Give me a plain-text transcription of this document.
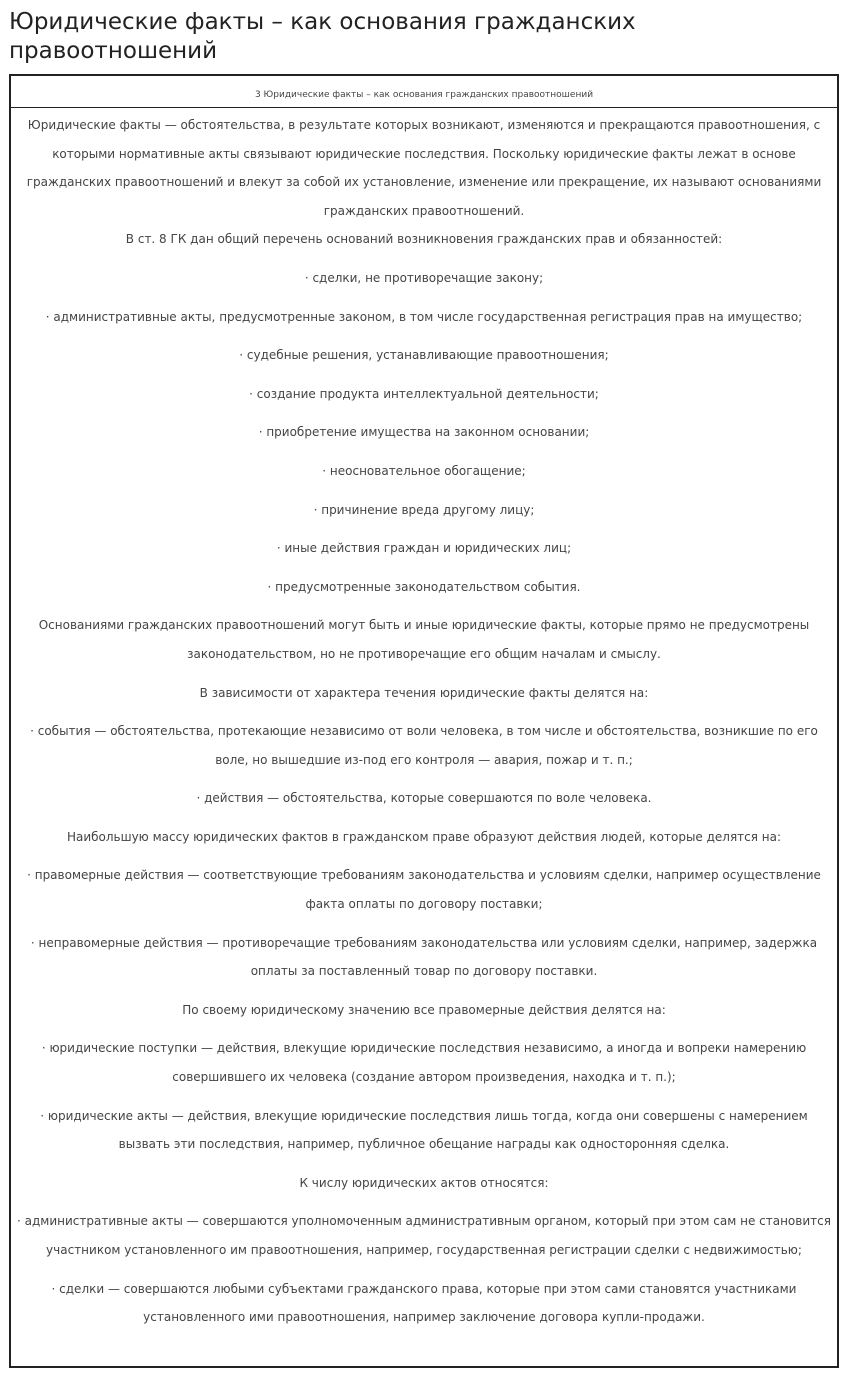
Юридические факты – как основания гражданских правоотношений
3 Юридические факты – как основания гражданских правоотношений

Юридические факты — обстоятельства, в результате которых возникают, изменяются и прекращаются правоотношения, с которыми нормативные акты связывают юридические последствия. Поскольку юридические факты лежат в основе гражданских правоотношений и влекут за собой их установление, изменение или прекращение, их называют основаниями гражданских правоотношений.

В ст. 8 ГК дан общий перечень оснований возникновения гражданских прав и обязанностей:

· сделки, не противоречащие закону;

· административные акты, предусмотренные законом, в том числе государственная регистрация прав на имущество;

· судебные решения, устанавливающие правоотношения;

· создание продукта интеллектуальной деятельности;

· приобретение имущества на законном основании;

· неосновательное обогащение;

· причинение вреда другому лицу;

· иные действия граждан и юридических лиц;

· предусмотренные законодательством события.

Основаниями гражданских правоотношений могут быть и иные юридические факты, которые прямо не предусмотрены законодательством, но не противоречащие его общим началам и смыслу.

В зависимости от характера течения юридические факты делятся на:

· события — обстоятельства, протекающие независимо от воли человека, в том числе и обстоятельства, возникшие по его воле, но вышедшие из-под его контроля — авария, пожар и т. п.;

· действия — обстоятельства, которые совершаются по воле человека.

Наибольшую массу юридических фактов в гражданском праве образуют действия людей, которые делятся на:

· правомерные действия — соответствующие требованиям законодательства и условиям сделки, например осуществление факта оплаты по договору поставки;

· неправомерные действия — противоречащие требованиям законодательства или условиям сделки, например, задержка оплаты за поставленный товар по договору поставки.

По своему юридическому значению все правомерные действия делятся на:

· юридические поступки — действия, влекущие юридические последствия независимо, а иногда и вопреки намерению совершившего их человека (создание автором произведения, находка и т. п.);

· юридические акты — действия, влекущие юридические последствия лишь тогда, когда они совершены с намерением вызвать эти последствия, например, публичное обещание награды как односторонняя сделка.

К числу юридических актов относятся:

· административные акты — совершаются уполномоченным административным органом, который при этом сам не становится участником установленного им правоотношения, например, государственная регистрации сделки с недвижимостью;

· сделки — совершаются любыми субъектами гражданского права, которые при этом сами становятся участниками установленного ими правоотношения, например заключение договора купли-продажи.
